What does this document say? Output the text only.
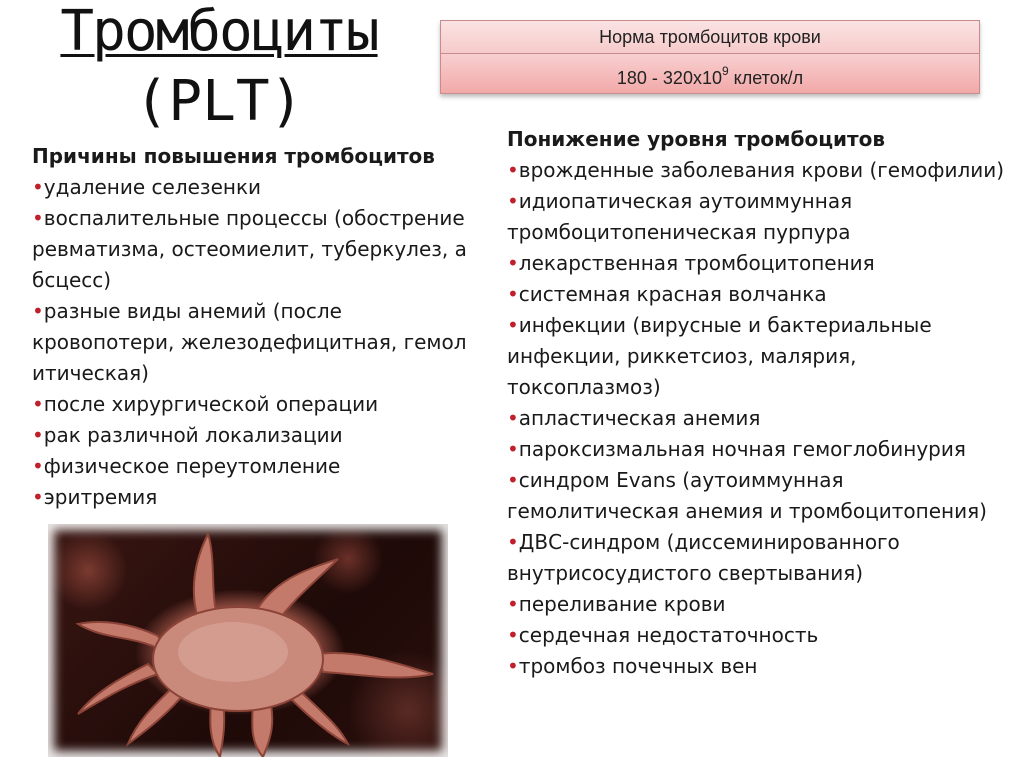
Тромбоциты
(PLT)
Норма тромбоцитов крови
$180 - 320x10^9$ клеток/л
Причины повышения тромбоцитов
•удаление селезенки
•воспалительные процессы (обострение ревматизма, остеомиелит, туберкулез, а бсцесс)
•разные виды анемий (после кровопотери, железодефицитная, гемол итическая)
•после хирургической операции
•рак различной локализации
•физическое переутомление
•эритремия
Понижение уровня тромбоцитов
•врожденные заболевания крови (гемофилии)
•идиопатическая аутоиммунная тромбоцитопеническая пурпура
•лекарственная тромбоцитопения
•системная красная волчанка
•инфекции (вирусные и бактериальные инфекции, риккетсиоз, малярия, токсоплазмоз)
•апластическая анемия
•пароксизмальная ночная гемоглобинурия
•синдром Evans (аутоиммунная гемолитическая анемия и тромбоцитопения)
•ДВС-синдром (диссеминированного внутрисосудистого свертывания)
•переливание крови
•сердечная недостаточность
•тромбоз почечных вен
